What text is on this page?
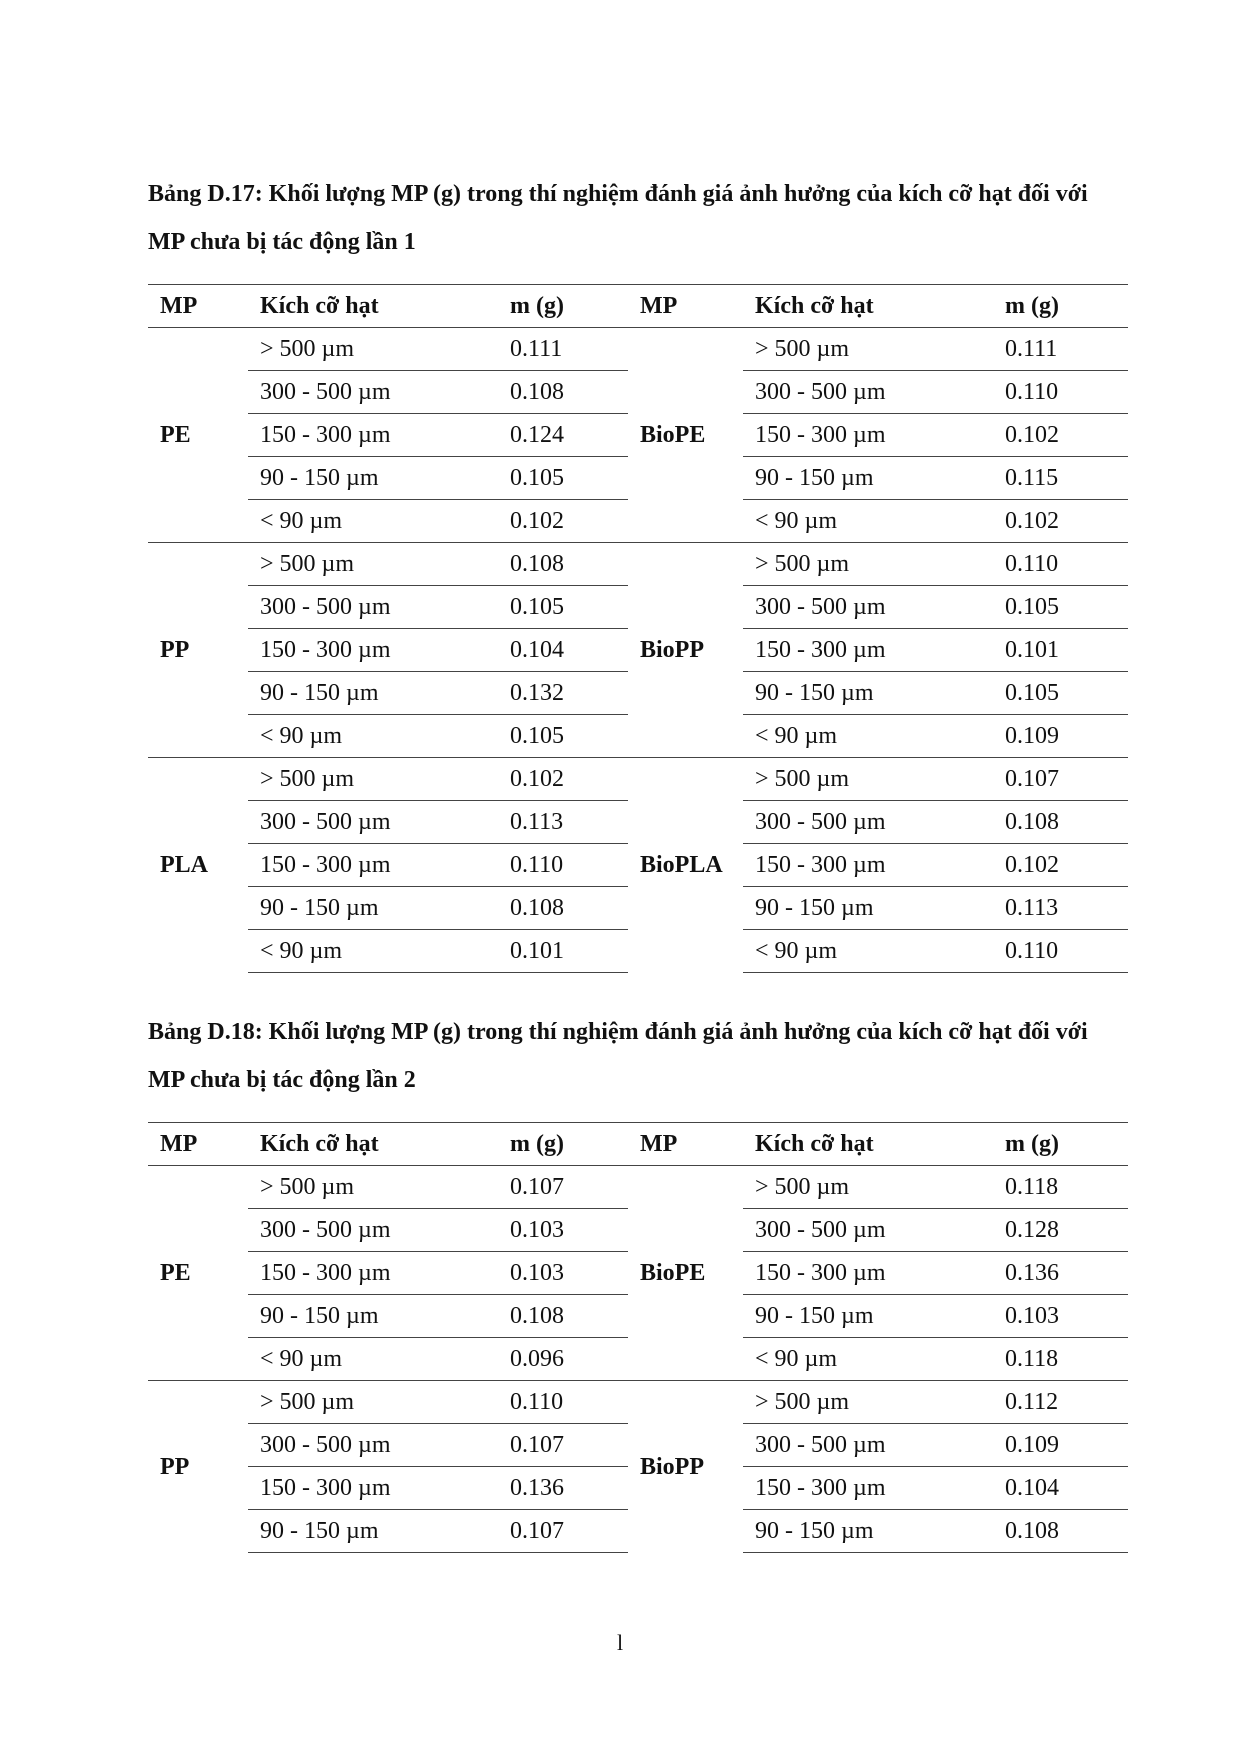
Bảng D.17: Khối lượng MP (g) trong thí nghiệm đánh giá ảnh hưởng của kích cỡ hạt đối với MP chưa bị tác động lần 1
MP	Kích cỡ hạt	m (g)	MP	Kích cỡ hạt	m (g)
PE	> 500 µm	0.111	BioPE	> 500 µm	0.111
	300 - 500 µm	0.108		300 - 500 µm	0.110
	150 - 300 µm	0.124		150 - 300 µm	0.102
	90 - 150 µm	0.105		90 - 150 µm	0.115
	< 90 µm	0.102		< 90 µm	0.102
PP	> 500 µm	0.108	BioPP	> 500 µm	0.110
	300 - 500 µm	0.105		300 - 500 µm	0.105
	150 - 300 µm	0.104		150 - 300 µm	0.101
	90 - 150 µm	0.132		90 - 150 µm	0.105
	< 90 µm	0.105		< 90 µm	0.109
PLA	> 500 µm	0.102	BioPLA	> 500 µm	0.107
	300 - 500 µm	0.113		300 - 500 µm	0.108
	150 - 300 µm	0.110		150 - 300 µm	0.102
	90 - 150 µm	0.108		90 - 150 µm	0.113
	< 90 µm	0.101		< 90 µm	0.110
Bảng D.18: Khối lượng MP (g) trong thí nghiệm đánh giá ảnh hưởng của kích cỡ hạt đối với MP chưa bị tác động lần 2
MP	Kích cỡ hạt	m (g)	MP	Kích cỡ hạt	m (g)
PE	> 500 µm	0.107	BioPE	> 500 µm	0.118
	300 - 500 µm	0.103		300 - 500 µm	0.128
	150 - 300 µm	0.103		150 - 300 µm	0.136
	90 - 150 µm	0.108		90 - 150 µm	0.103
	< 90 µm	0.096		< 90 µm	0.118
PP	> 500 µm	0.110	BioPP	> 500 µm	0.112
	300 - 500 µm	0.107		300 - 500 µm	0.109
	150 - 300 µm	0.136		150 - 300 µm	0.104
	90 - 150 µm	0.107		90 - 150 µm	0.108
l
